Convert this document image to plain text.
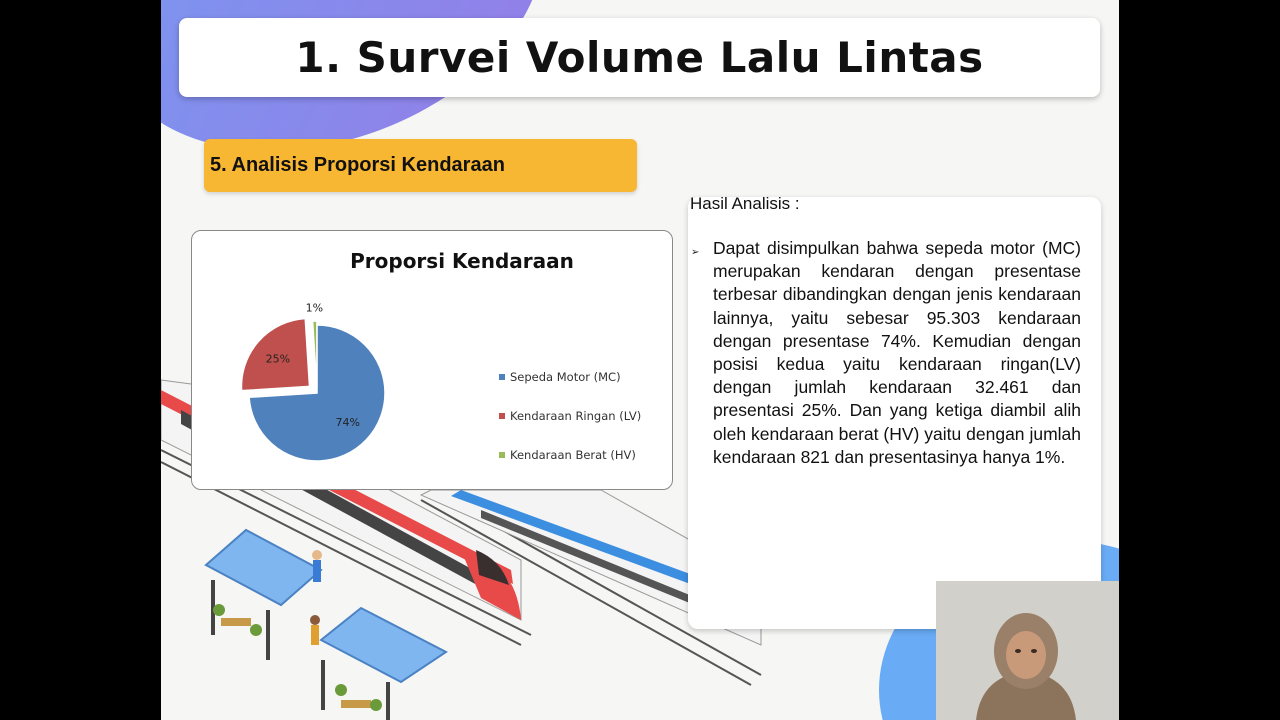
1. Survei Volume Lalu Lintas
5. Analisis Proporsi Kendaraan
Proporsi Kendaraan
74%
25%
1%
Sepeda Motor (MC)
Kendaraan Ringan (LV)
Kendaraan Berat (HV)
➢ Dapat disimpulkan bahwa sepeda motor (MC) merupakan kendaran dengan presentase terbesar dibandingkan dengan jenis kendaraan lainnya, yaitu sebesar 95.303 kendaraan dengan presentase 74%. Kemudian dengan posisi kedua yaitu kendaraan ringan(LV) dengan jumlah kendaraan 32.461 dan presentasi 25%. Dan yang ketiga diambil alih oleh kendaraan berat (HV) yaitu dengan jumlah kendaraan 821 dan presentasinya hanya 1%.

Hasil Analisis :
